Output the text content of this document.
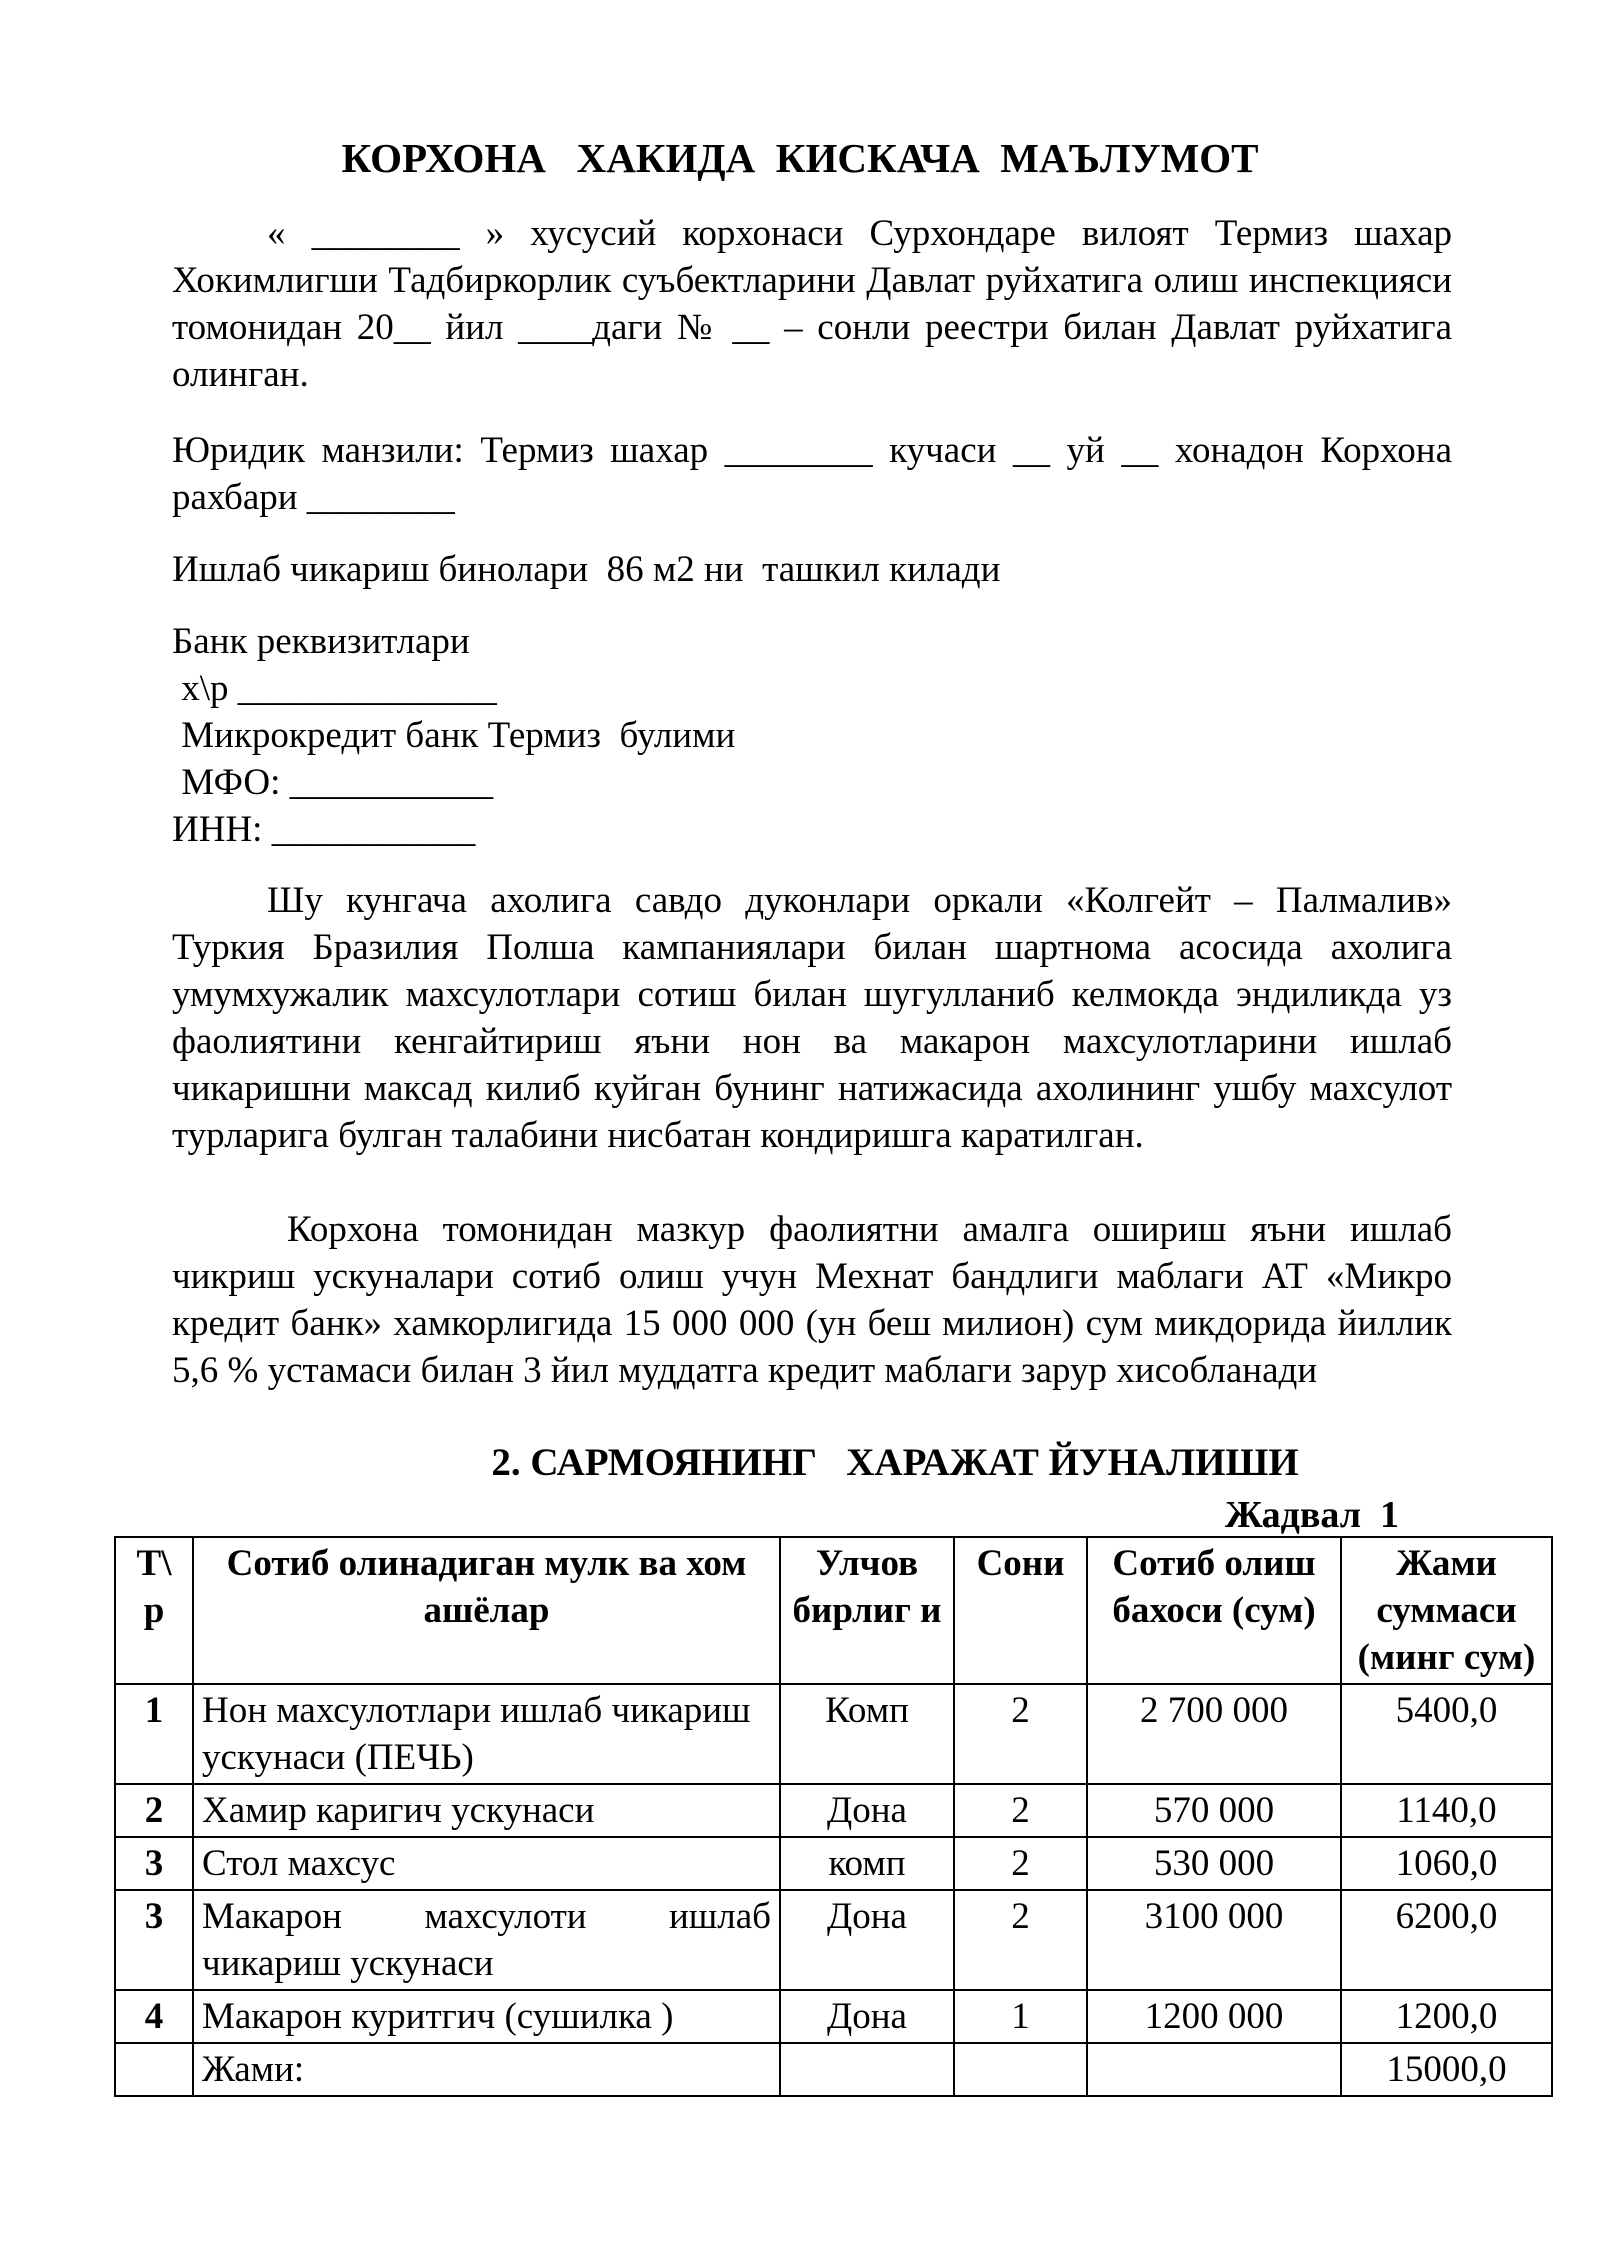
КОРХОНА   ХАКИДА  КИСКАЧА  МАЪЛУМОТ
« ________ » хусусий корхонаси Сурхондаре вилоят Термиз шахар Хокимлигши Тадбиркорлик суъбектларини Давлат руйхатига олиш инспекцияси томонидан 20__ йил ____даги № __ – сонли реестри билан Давлат руйхатига олинган.
Юридик манзили: Термиз шахар ________ кучаси __ уй __ хонадон Корхона рахбари ________
Ишлаб чикариш бинолари  86 м2 ни  ташкил килади
Банк реквизитлари
х\р ______________
Микрокредит банк Термиз  булими
МФО: ___________
ИНН: ___________
Шу кунгача ахолига савдо дуконлари оркали «Колгейт – Палмалив» Туркия Бразилия Полша кампаниялари билан шартнома асосида ахолига умумхужалик махсулотлари сотиш билан шугулланиб келмокда эндиликда уз фаолиятини кенгайтириш яъни нон ва макарон махсулотларини ишлаб чикаришни максад килиб куйган бунинг натижасида ахолининг ушбу махсулот турларига булган талабини нисбатан кондиришга каратилган.
Корхона томонидан мазкур фаолиятни амалга ошириш яъни ишлаб чикриш ускуналари сотиб олиш учун Мехнат бандлиги маблаги АТ «Микро кредит банк» хамкорлигида 15 000 000 (ун беш милион) сум микдорида йиллик 5,6 % устамаси билан 3 йил муддатга кредит маблаги зарур хисобланади
2. САРМОЯНИНГ   ХАРАЖАТ ЙУНАЛИШИ
Жадвал  1
Т\ р	Сотиб олинадиган мулк ва хом ашёлар	Улчов бирлиг и	Сони	Сотиб олиш бахоси (сум)	Жами суммаси (минг сум)
1	Нон махсулотлари ишлаб чикариш ускунаси (ПЕЧЬ)	Комп	2	2 700 000	5400,0
2	Хамир каригич ускунаси	Дона	2	570 000	1140,0
3	Стол махсус	комп	2	530 000	1060,0
3	Макарон махсулоти ишлаб чикариш ускунаси	Дона	2	3100 000	6200,0
4	Макарон куритгич (сушилка )	Дона	1	1200 000	1200,0
	Жами:				15000,0
